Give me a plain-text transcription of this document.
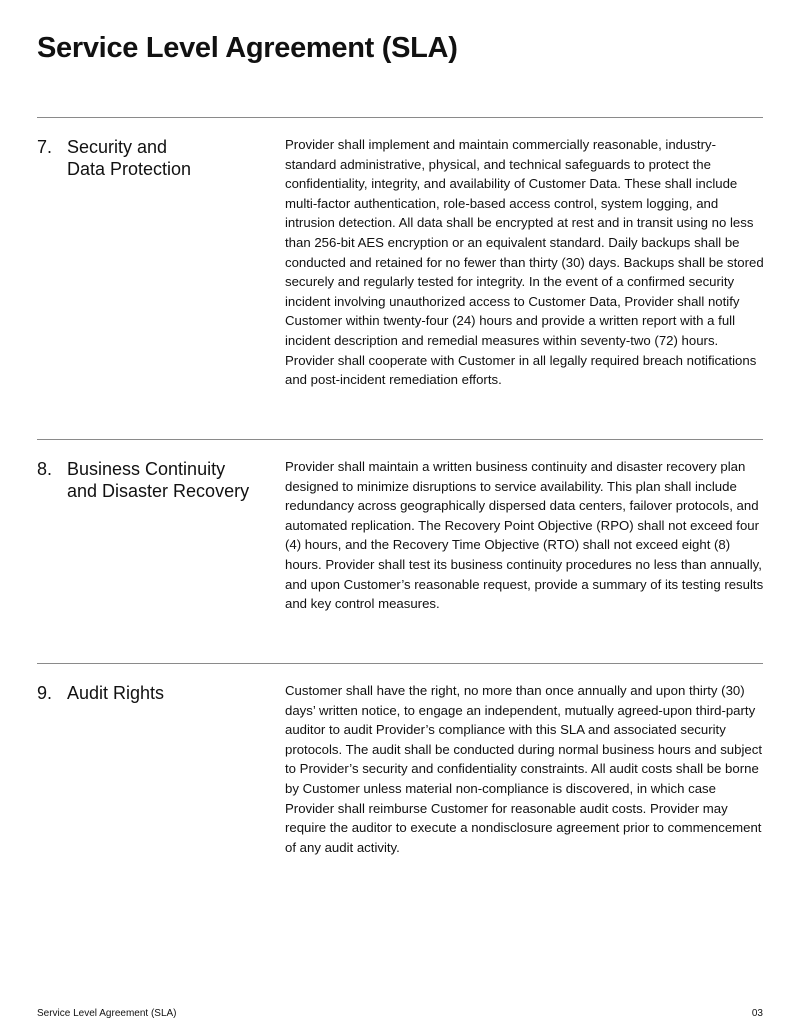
Service Level Agreement (SLA)
7. Security and
Data Protection

Provider shall implement and maintain commercially reasonable, industry-standard administrative, physical, and technical safeguards to protect the confidentiality, integrity, and availability of Customer Data. These shall include multi-factor authentication, role-based access control, system logging, and intrusion detection. All data shall be encrypted at rest and in transit using no less than 256-bit AES encryption or an equivalent standard. Daily backups shall be conducted and retained for no fewer than thirty (30) days. Backups shall be stored securely and regularly tested for integrity. In the event of a confirmed security incident involving unauthorized access to Customer Data, Provider shall notify Customer within twenty-four (24) hours and provide a written report with a full incident description and remedial measures within seventy-two (72) hours. Provider shall cooperate with Customer in all legally required breach notifications and post-incident remediation efforts.

8. Business Continuity
and Disaster Recovery

Provider shall maintain a written business continuity and disaster recovery plan designed to minimize disruptions to service availability. This plan shall include redundancy across geographically dispersed data centers, failover protocols, and automated replication. The Recovery Point Objective (RPO) shall not exceed four (4) hours, and the Recovery Time Objective (RTO) shall not exceed eight (8) hours. Provider shall test its business continuity procedures no less than annually, and upon Customer’s reasonable request, provide a summary of its testing results and key control measures.

9. Audit Rights	Customer shall have the right, no more than once annually and upon thirty (30) days’ written notice, to engage an independent, mutually agreed-upon third-party auditor to audit Provider’s compliance with this SLA and associated security protocols. The audit shall be conducted during normal business hours and subject to Provider’s security and confidentiality constraints. All audit costs shall be borne by Customer unless material non-compliance is discovered, in which case Provider shall reimburse Customer for reasonable audit costs. Provider may require the auditor to execute a nondisclosure agreement prior to commencement of any audit activity.

Service Level Agreement (SLA)	03
